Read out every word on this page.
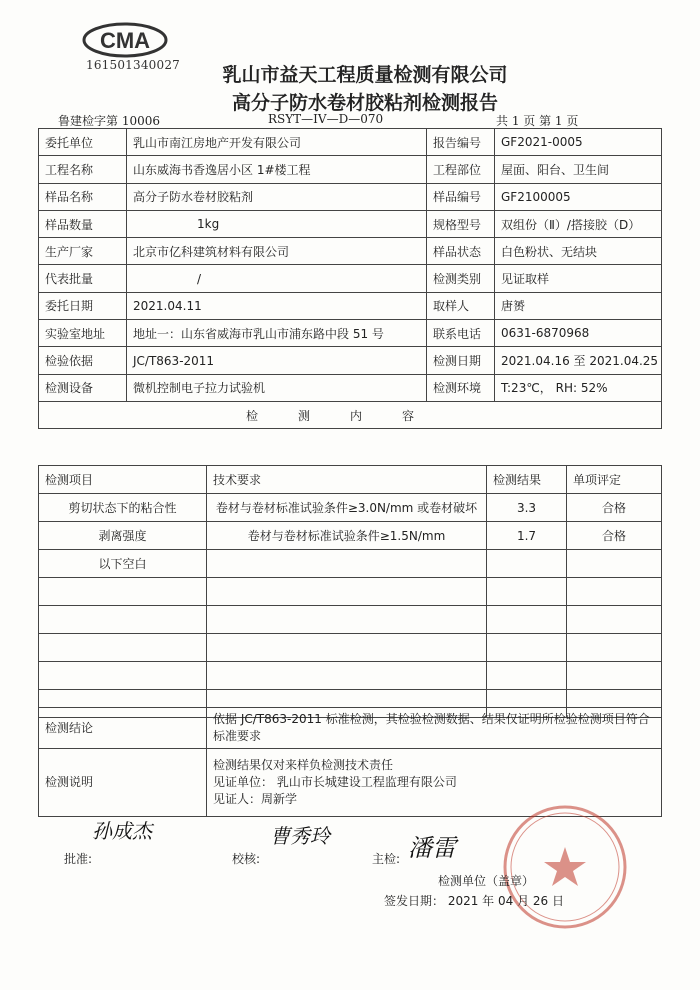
CMA
161501340027	乳山市益天工程质量检测有限公司
高分子防水卷材胶粘剂检测报告
鲁建检字第 10006	RSYT—IV—D—070	共 1 页 第 1 页
委托单位	乳山市南江房地产开发有限公司	报告编号	GF2021-0005
工程名称	山东威海书香逸居小区 1#楼工程	工程部位	屋面、阳台、卫生间
样品名称	高分子防水卷材胶粘剂	样品编号	GF2100005
样品数量	1kg	规格型号	双组份（Ⅱ）/搭接胶（D）
生产厂家	北京市亿科建筑材料有限公司	样品状态	白色粉状、无结块
代表批量	/	检测类别	见证取样
委托日期	2021.04.11	取样人	唐赟
实验室地址	地址一：山东省威海市乳山市浦东路中段 51 号	联系电话	0631-6870968
检验依据	JC/T863-2011	检测日期	2021.04.16 至 2021.04.25
检测设备	微机控制电子拉力试验机	检测环境	T:23℃， RH: 52%
检测内容			
检测项目	技术要求	检测结果	单项评定
剪切状态下的粘合性	卷材与卷材标准试验条件≥3.0N/mm 或卷材破坏	3.3	合格
剥离强度	卷材与卷材标准试验条件≥1.5N/mm	1.7	合格
以下空白			

检测结论	依据 JC/T863-2011 标准检测，其检验检测数据、结果仅证明所检验检测项目符合标准要求
检测说明	检测结果仅对来样负检测技术责任
见证单位： 乳山市长城建设工程监理有限公司
见证人：周新学
孙成杰	曹秀玲	潘雷
批准:	校核:	主检:
检测单位（盖章）
签发日期： 2021 年 04 月 26 日
